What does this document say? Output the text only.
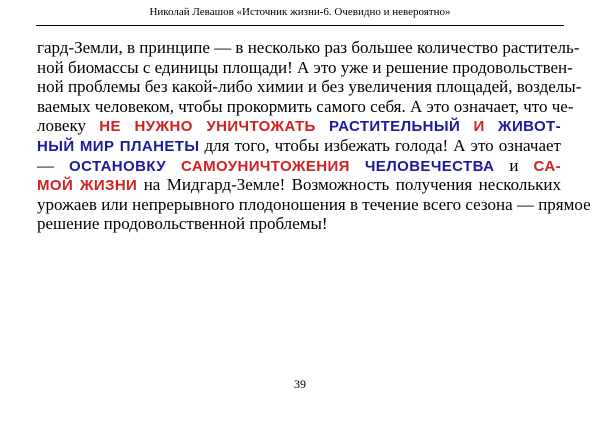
Николай Левашов «Источник жизни-6. Очевидно и невероятно»
гард-Земли, в принципе — в несколько раз большее количество раститель-
ной биомассы с единицы площади! А это уже и решение продовольствен-
ной проблемы без какой-либо химии и без увеличения площадей, возделы-
ваемых человеком, чтобы прокормить самого себя. А это означает, что че-
ловеку НЕ НУЖНО УНИЧТОЖАТЬ РАСТИТЕЛЬНЫЙ И ЖИВОТ-
НЫЙ МИР ПЛАНЕТЫ для того, чтобы избежать голода! А это означает
— ОСТАНОВКУ САМОУНИЧТОЖЕНИЯ ЧЕЛОВЕЧЕСТВА и СА-
МОЙ ЖИЗНИ на Мидгард-Земле! Возможность получения нескольких
урожаев или непрерывного плодоношения в течение всего сезона — прямое
решение продовольственной проблемы!
39
